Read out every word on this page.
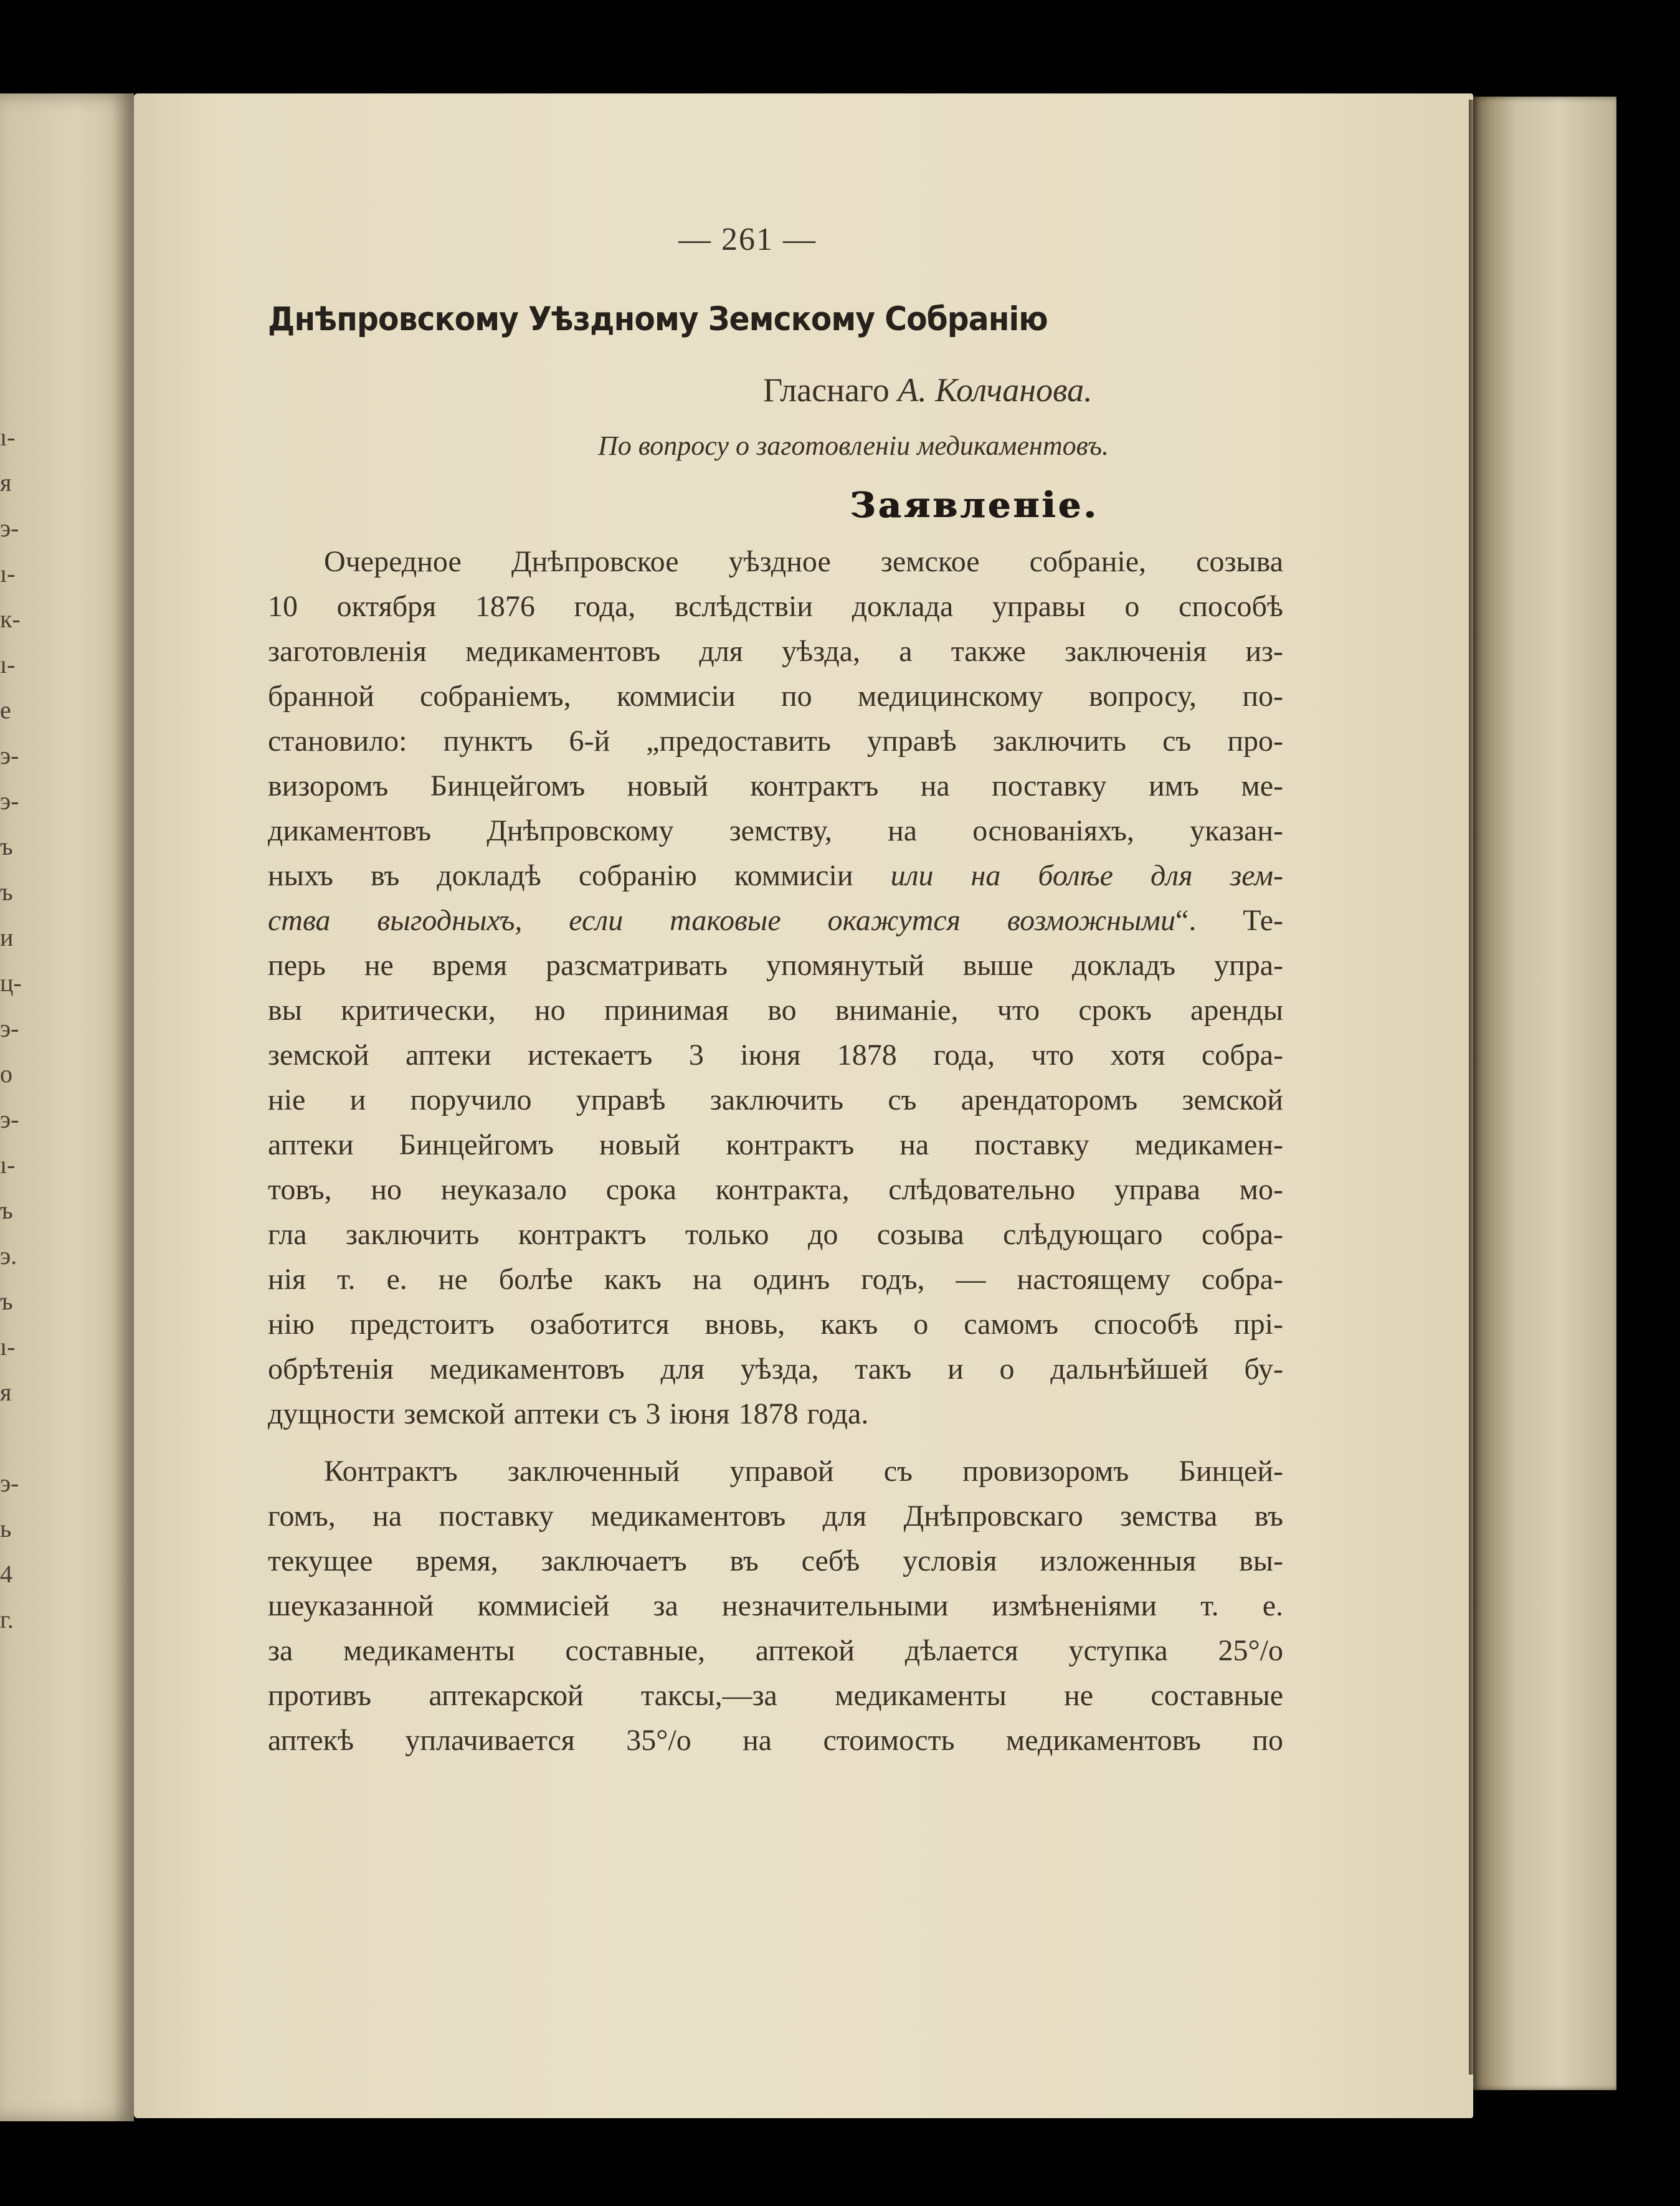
ı-
я
э-
ı-
к-
ı-
е
э-
э-
ъ
ъ
и
ц-
э-
о
э-
ı-
ъ
э.
ъ
ı-
я

э-
ь
4
г.
— 261 —
Днѣпровскому Уѣздному Земскому Собранію
Гласнаго А. Колчанова.
По вопросу о заготовленіи медикаментовъ.
Заявленіе.
Очередное Днѣпровское уѣздное земское собраніе, созыва
10 октября 1876 года, вслѣдствіи доклада управы о способѣ
заготовленія медикаментовъ для уѣзда, а также заключенія из-
бранной собраніемъ, коммисіи по медицинскому вопросу, по-
становило: пунктъ 6-й „предоставить управѣ заключить съ про-
визоромъ Бинцейгомъ новый контрактъ на поставку имъ ме-
дикаментовъ Днѣпровскому земству, на основаніяхъ, указан-
ныхъ въ докладѣ собранію коммисіи или на болѣе для зем-
ства выгодныхъ, если таковые окажутся возможными“. Те-
перь не время разсматривать упомянутый выше докладъ упра-
вы критически, но принимая во вниманіе, что срокъ аренды
земской аптеки истекаетъ 3 іюня 1878 года, что хотя собра-
ніе и поручило управѣ заключить съ арендаторомъ земской
аптеки Бинцейгомъ новый контрактъ на поставку медикамен-
товъ, но неуказало срока контракта, слѣдовательно управа мо-
гла заключить контрактъ только до созыва слѣдующаго собра-
нія т. е. не болѣе какъ на одинъ годъ, — настоящему собра-
нію предстоитъ озаботится вновь, какъ о самомъ способѣ прі-
обрѣтенія медикаментовъ для уѣзда, такъ и о дальнѣйшей бу-
дущности земской аптеки съ 3 іюня 1878 года.
Контрактъ заключенный управой съ провизоромъ Бинцей-
гомъ, на поставку медикаментовъ для Днѣпровскаго земства въ
текущее время, заключаетъ въ себѣ условія изложенныя вы-
шеуказанной коммисіей за незначительными измѣненіями т. е.
за медикаменты составные, аптекой дѣлается уступка 25°/о
противъ аптекарской таксы,—за медикаменты не составные
аптекѣ уплачивается 35°/о на стоимость медикаментовъ по
